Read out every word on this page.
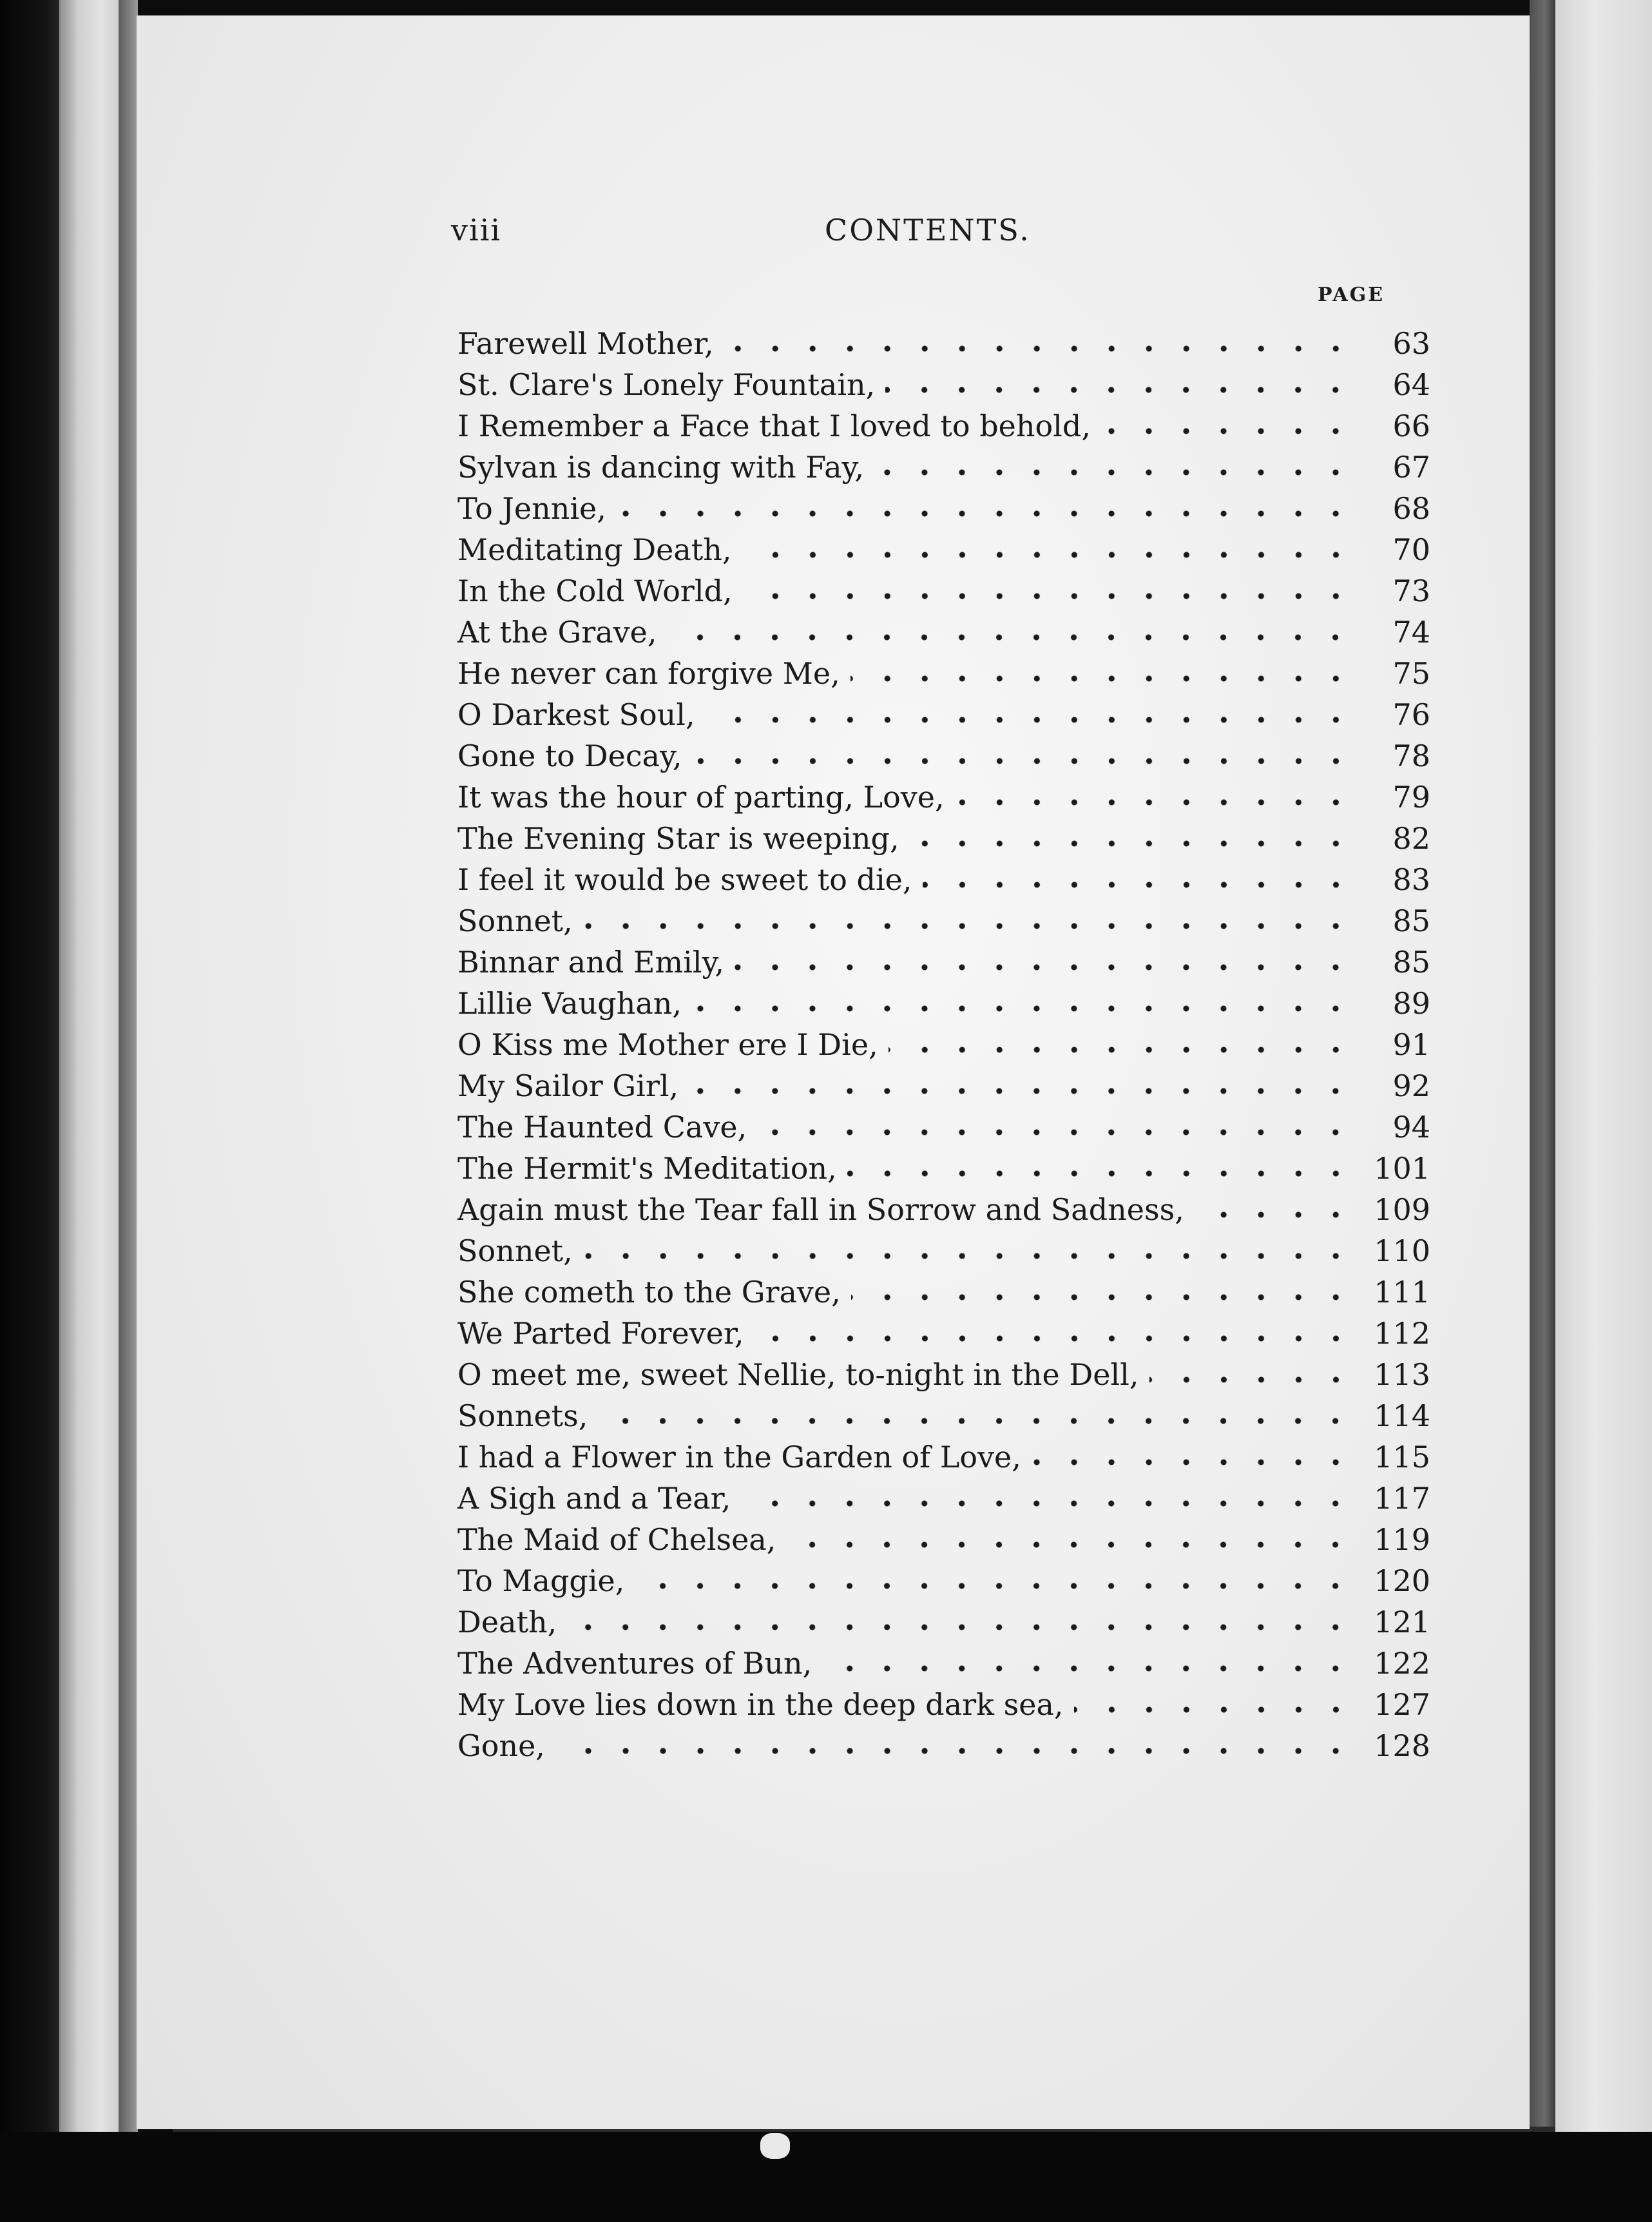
viii	CONTENTS.
PAGE
Farewell Mother,	63
St. Clare's Lonely Fountain,	64
I Remember a Face that I loved to behold,	66
Sylvan is dancing with Fay,	67
To Jennie,	68
Meditating Death,	70
In the Cold World,	73
At the Grave,	74
He never can forgive Me,	75
O Darkest Soul,	76
Gone to Decay,	78
It was the hour of parting, Love,	79
The Evening Star is weeping,	82
I feel it would be sweet to die,	83
Sonnet,	85
Binnar and Emily,	85
Lillie Vaughan,	89
O Kiss me Mother ere I Die,	91
My Sailor Girl,	92
The Haunted Cave,	94
The Hermit's Meditation,	101
Again must the Tear fall in Sorrow and Sadness,	109
Sonnet,	110
She cometh to the Grave,	111
We Parted Forever,	112
O meet me, sweet Nellie, to-night in the Dell,	113
Sonnets,	114
I had a Flower in the Garden of Love,	115
A Sigh and a Tear,	117
The Maid of Chelsea,	119
To Maggie,	120
Death,	121
The Adventures of Bun,	122
My Love lies down in the deep dark sea,	127
Gone,	128
